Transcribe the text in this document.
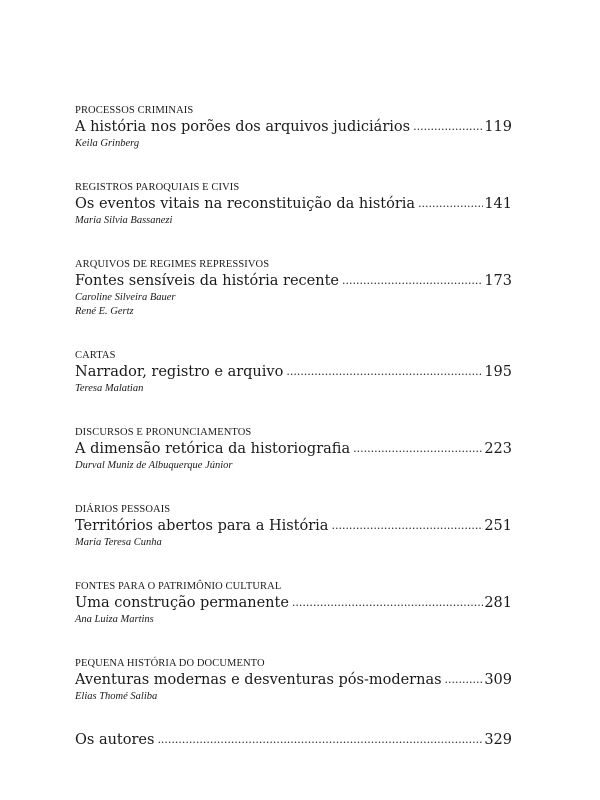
PROCESSOS CRIMINAIS
A história nos porões dos arquivos judiciários .....	119
Keila Grinberg
REGISTROS PAROQUIAIS E CIVIS
Os eventos vitais na reconstituição da história .....	141
Maria Silvia Bassanezi
ARQUIVOS DE REGIMES REPRESSIVOS
Fontes sensíveis da história recente .....	173
Caroline Silveira Bauer
René E. Gertz
CARTAS
Narrador, registro e arquivo .....	195
Teresa Malatian
DISCURSOS E PRONUNCIAMENTOS
A dimensão retórica da historiografia .....	223
Durval Muniz de Albuquerque Júnior
DIÁRIOS PESSOAIS
Territórios abertos para a História .....	251
Maria Teresa Cunha
FONTES PARA O PATRIMÔNIO CULTURAL
Uma construção permanente .....	281
Ana Luiza Martins
PEQUENA HISTÓRIA DO DOCUMENTO
Aventuras modernas e desventuras pós-modernas .....	309
Elias Thomé Saliba
Os autores .....	329
